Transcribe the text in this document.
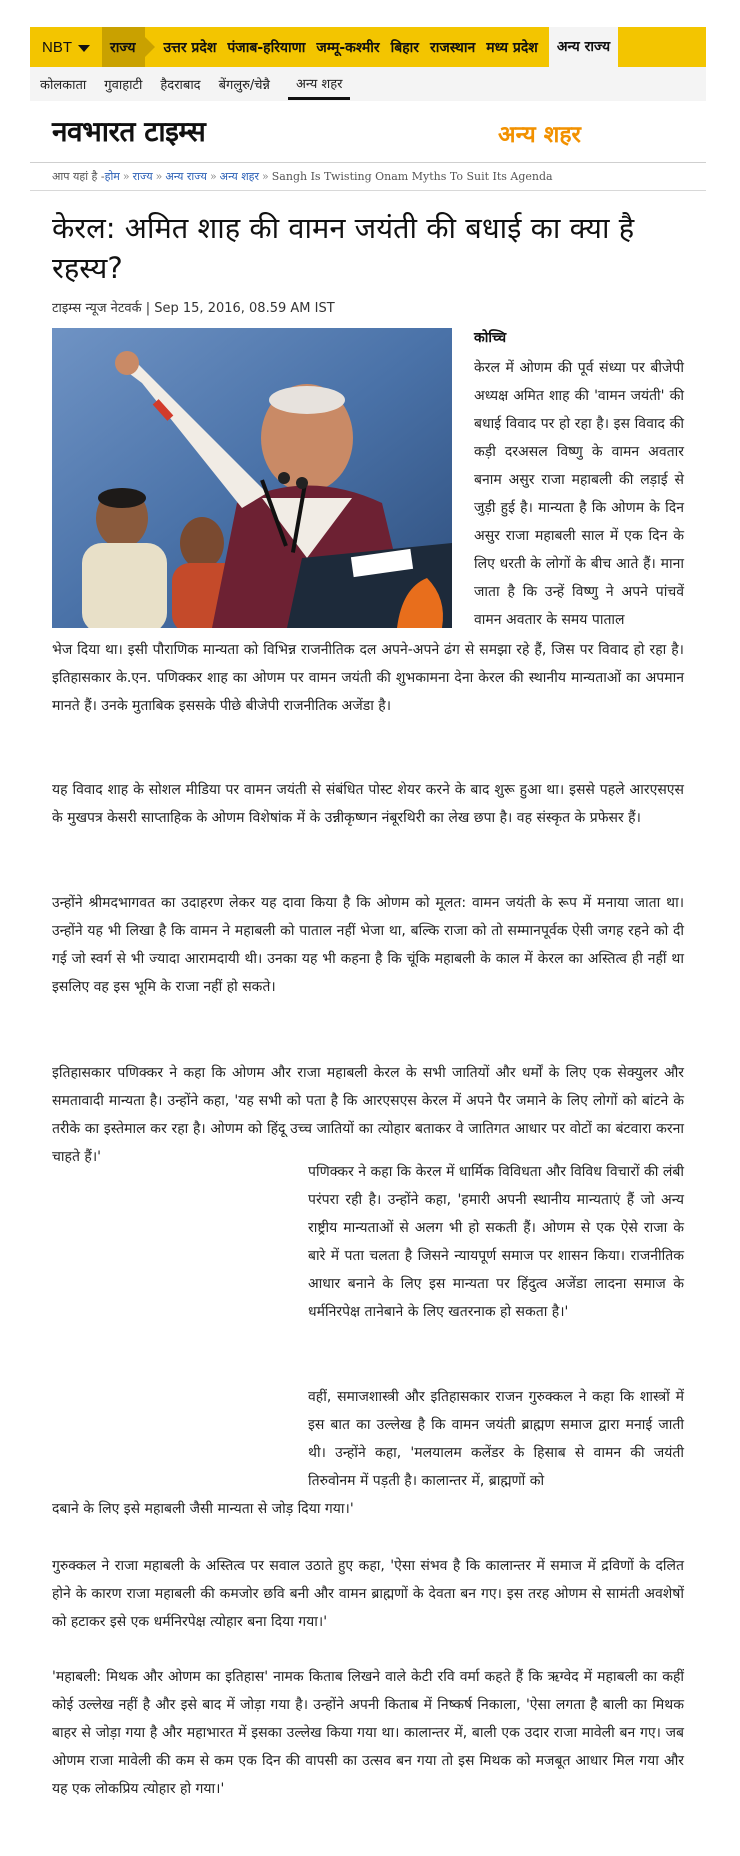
NBT	राज्य उत्तर प्रदेश पंजाब-हरियाणा जम्मू-कश्मीर बिहार राजस्थान मध्य प्रदेश	अन्य राज्य
कोलकाता गुवाहाटी हैदराबाद बेंगलुरु/चेन्नै	अन्य शहर
नवभारत टाइम्स	अन्य शहर
आप यहां है -होम » राज्य » अन्य राज्य » अन्य शहर » Sangh Is Twisting Onam Myths To Suit Its Agenda
केरल: अमित शाह की वामन जयंती की बधाई का क्या है रहस्य?
टाइम्स न्यूज नेटवर्क | Sep 15, 2016, 08.59 AM IST
कोच्चि
केरल में ओणम की पूर्व संध्या पर बीजेपी अध्यक्ष अमित शाह की 'वामन जयंती' की बधाई विवाद पर हो रहा है। इस विवाद की कड़ी दरअसल विष्णु के वामन अवतार बनाम असुर राजा महाबली की लड़ाई से जुड़ी हुई है। मान्यता है कि ओणम के दिन असुर राजा महाबली साल में एक दिन के लिए धरती के लोगों के बीच आते हैं। माना जाता है कि उन्हें विष्णु ने अपने पांचवें वामन अवतार के समय पाताल
भेज दिया था। इसी पौराणिक मान्यता को विभिन्न राजनीतिक दल अपने-अपने ढंग से समझा रहे हैं, जिस पर विवाद हो रहा है। इतिहासकार के.एन. पणिक्कर शाह का ओणम पर वामन जयंती की शुभकामना देना केरल की स्थानीय मान्यताओं का अपमान मानते हैं। उनके मुताबिक इससके पीछे बीजेपी राजनीतिक अजेंडा है।
यह विवाद शाह के सोशल मीडिया पर वामन जयंती से संबंधित पोस्ट शेयर करने के बाद शुरू हुआ था। इससे पहले आरएसएस के मुखपत्र केसरी साप्ताहिक के ओणम विशेषांक में के उन्नीकृष्णन नंबूरथिरी का लेख छपा है। वह संस्कृत के प्रफेसर हैं।
उन्होंने श्रीमदभागवत का उदाहरण लेकर यह दावा किया है कि ओणम को मूलत: वामन जयंती के रूप में मनाया जाता था। उन्होंने यह भी लिखा है कि वामन ने महाबली को पाताल नहीं भेजा था, बल्कि राजा को तो सम्मानपूर्वक ऐसी जगह रहने को दी गई जो स्वर्ग से भी ज्यादा आरामदायी थी। उनका यह भी कहना है कि चूंकि महाबली के काल में केरल का अस्तित्व ही नहीं था इसलिए वह इस भूमि के राजा नहीं हो सकते।
इतिहासकार पणिक्कर ने कहा कि ओणम और राजा महाबली केरल के सभी जातियों और धर्मों के लिए एक सेक्युलर और समतावादी मान्यता है। उन्होंने कहा, 'यह सभी को पता है कि आरएसएस केरल में अपने पैर जमाने के लिए लोगों को बांटने के तरीके का इस्तेमाल कर रहा है। ओणम को हिंदू उच्च जातियों का त्योहार बताकर वे जातिगत आधार पर वोटों का बंटवारा करना चाहते हैं।'
पणिक्कर ने कहा कि केरल में धार्मिक विविधता और विविध विचारों की लंबी परंपरा रही है। उन्होंने कहा, 'हमारी अपनी स्थानीय मान्यताएं हैं जो अन्य राष्ट्रीय मान्यताओं से अलग भी हो सकती हैं। ओणम से एक ऐसे राजा के बारे में पता चलता है जिसने न्यायपूर्ण समाज पर शासन किया। राजनीतिक आधार बनाने के लिए इस मान्यता पर हिंदुत्व अजेंडा लादना समाज के धर्मनिरपेक्ष तानेबाने के लिए खतरनाक हो सकता है।'
वहीं, समाजशास्त्री और इतिहासकार राजन गुरुक्कल ने कहा कि शास्त्रों में इस बात का उल्लेख है कि वामन जयंती ब्राह्मण समाज द्वारा मनाई जाती थी। उन्होंने कहा, 'मलयालम कलेंडर के हिसाब से वामन की जयंती तिरुवोनम में पड़ती है। कालान्तर में, ब्राह्मणों को
दबाने के लिए इसे महाबली जैसी मान्यता से जोड़ दिया गया।'
गुरुक्कल ने राजा महाबली के अस्तित्व पर सवाल उठाते हुए कहा, 'ऐसा संभव है कि कालान्तर में समाज में द्रविणों के दलित होने के कारण राजा महाबली की कमजोर छवि बनी और वामन ब्राह्मणों के देवता बन गए। इस तरह ओणम से सामंती अवशेषों को हटाकर इसे एक धर्मनिरपेक्ष त्योहार बना दिया गया।'
'महाबली: मिथक और ओणम का इतिहास' नामक किताब लिखने वाले केटी रवि वर्मा कहते हैं कि ऋग्वेद में महाबली का कहीं कोई उल्लेख नहीं है और इसे बाद में जोड़ा गया है। उन्होंने अपनी किताब में निष्कर्ष निकाला, 'ऐसा लगता है बाली का मिथक बाहर से जोड़ा गया है और महाभारत में इसका उल्लेख किया गया था। कालान्तर में, बाली एक उदार राजा मावेली बन गए। जब ओणम राजा मावेली की कम से कम एक दिन की वापसी का उत्सव बन गया तो इस मिथक को मजबूत आधार मिल गया और यह एक लोकप्रिय त्योहार हो गया।'
